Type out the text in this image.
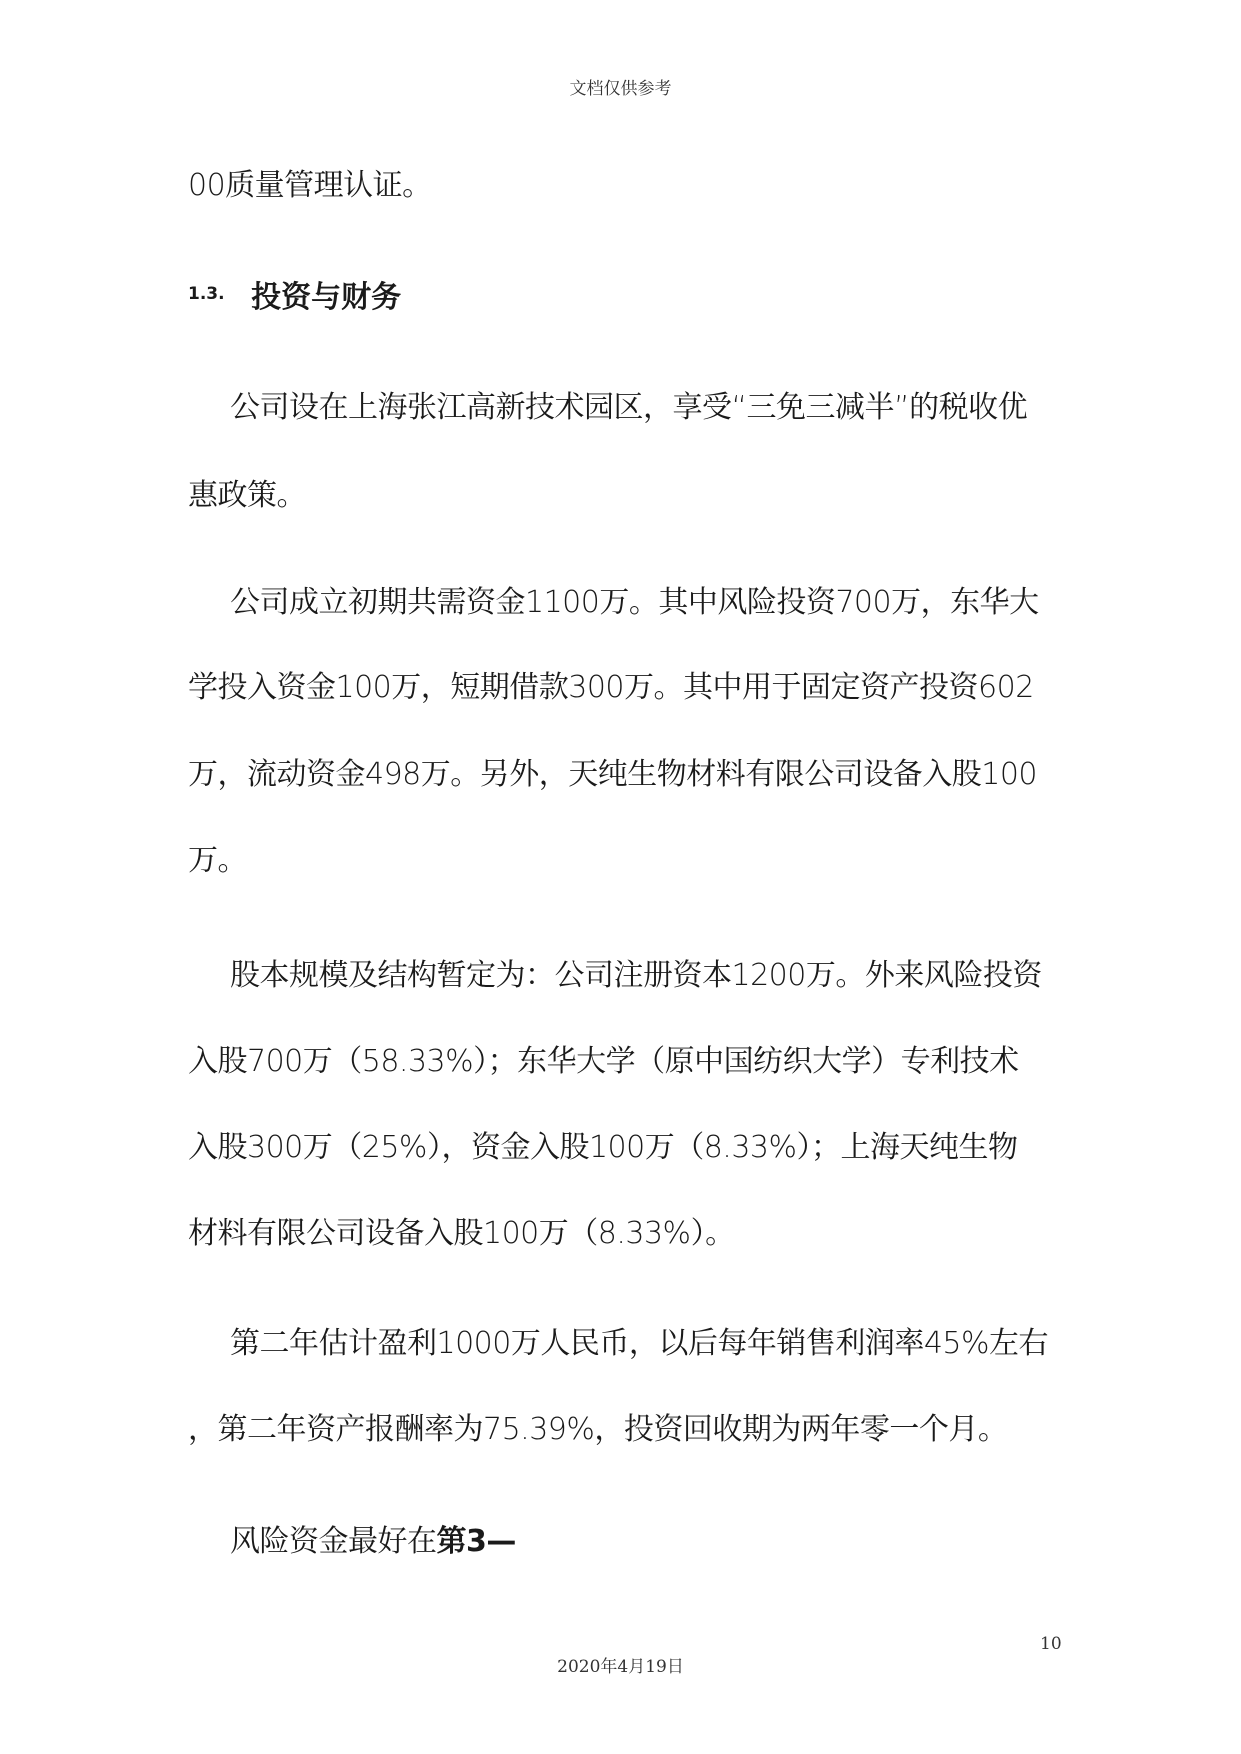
文档仅供参考
00质量管理认证。
1.3. 投资与财务
公司设在上海张江高新技术园区，享受“三免三减半”的税收优
惠政策。
公司成立初期共需资金1100万。其中风险投资700万，东华大
学投入资金100万，短期借款300万。其中用于固定资产投资602
万，流动资金498万。另外，天纯生物材料有限公司设备入股100
万。
股本规模及结构暂定为：公司注册资本1200万。外来风险投资
入股700万（58.33%）；东华大学（原中国纺织大学）专利技术
入股300万（25%），资金入股100万（8.33%）；上海天纯生物
材料有限公司设备入股100万（8.33%）。
第二年估计盈利1000万人民币，以后每年销售利润率45%左右
，第二年资产报酬率为75.39%，投资回收期为两年零一个月。
风险资金最好在第3—
10
2020年4月19日
